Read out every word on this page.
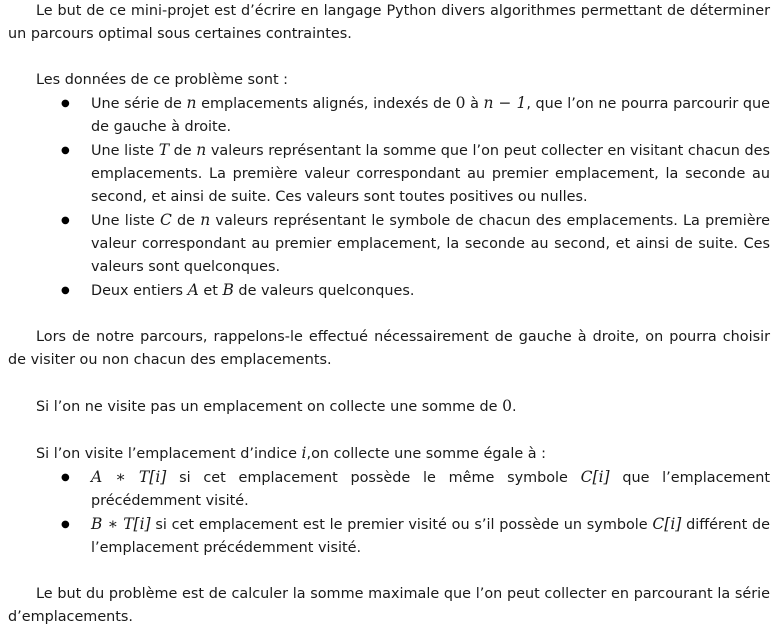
Le but de ce mini-projet est d’écrire en langage Python divers algorithmes permettant de déterminer un parcours optimal sous certaines contraintes.

Les données de ce problème sont :

● Une série de n emplacements alignés, indexés de 0 à n − 1, que l’on ne pourra parcourir que de gauche à droite.
● Une liste T de n valeurs représentant la somme que l’on peut collecter en visitant chacun des emplacements. La première valeur correspondant au premier emplacement, la seconde au second, et ainsi de suite. Ces valeurs sont toutes positives ou nulles.
● Une liste C de n valeurs représentant le symbole de chacun des emplacements. La première valeur correspondant au premier emplacement, la seconde au second, et ainsi de suite. Ces valeurs sont quelconques.
● Deux entiers A et B de valeurs quelconques.

Lors de notre parcours, rappelons-le effectué nécessairement de gauche à droite, on pourra choisir de visiter ou non chacun des emplacements.

Si l’on ne visite pas un emplacement on collecte une somme de 0.

Si l’on visite l’emplacement d’indice i,on collecte une somme égale à :

● A ∗ T[i] si cet emplacement possède le même symbole C[i] que l’emplacement précédemment visité.
● B ∗ T[i] si cet emplacement est le premier visité ou s’il possède un symbole C[i] différent de l’emplacement précédemment visité.

Le but du problème est de calculer la somme maximale que l’on peut collecter en parcourant la série d’emplacements.
